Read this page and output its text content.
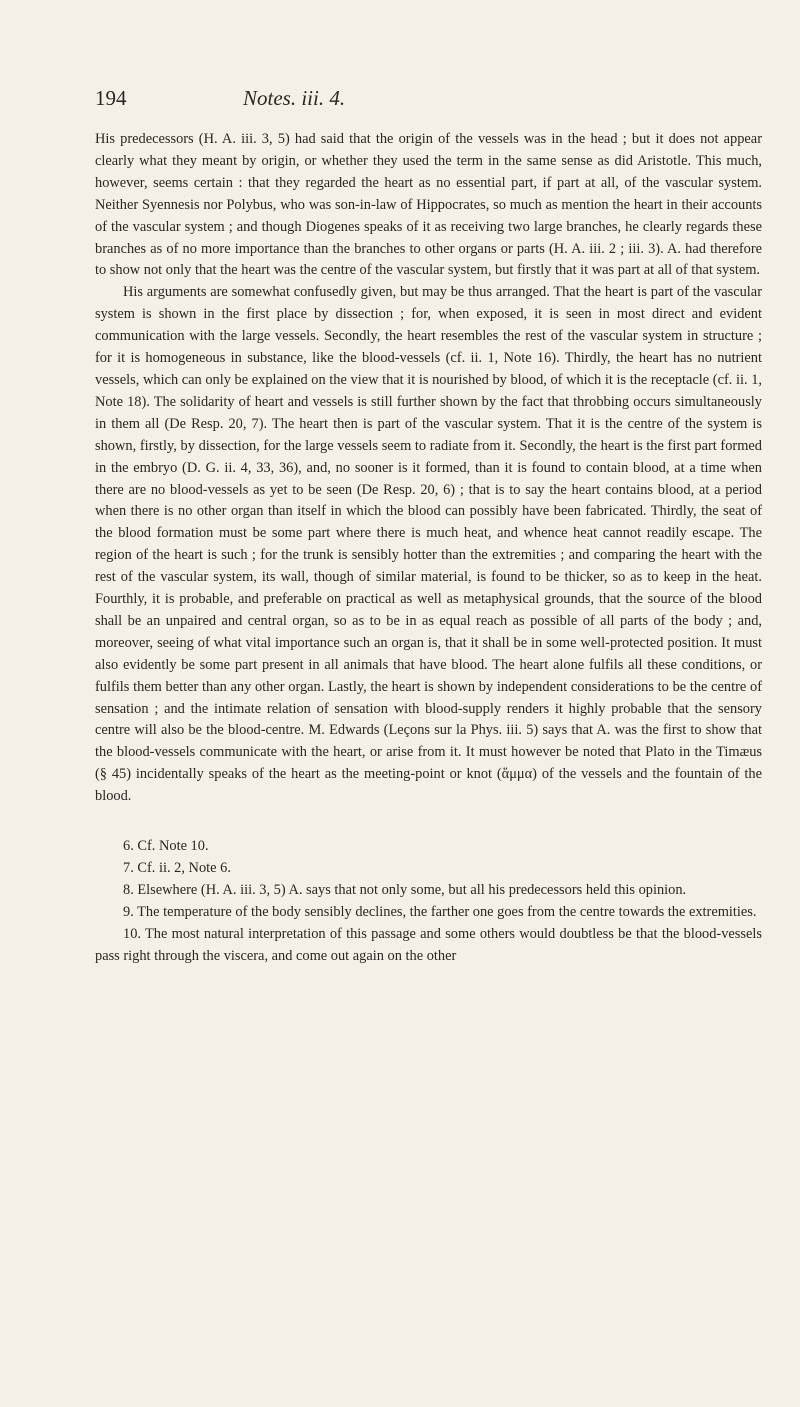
194	Notes. iii. 4.

His predecessors (H. A. iii. 3, 5) had said that the origin of the vessels was in the head ; but it does not appear clearly what they meant by origin, or whether they used the term in the same sense as did Aristotle. This much, however, seems certain : that they regarded the heart as no essential part, if part at all, of the vascular system. Neither Syennesis nor Polybus, who was son-in-law of Hippocrates, so much as mention the heart in their accounts of the vascular system ; and though Diogenes speaks of it as receiving two large branches, he clearly regards these branches as of no more importance than the branches to other organs or parts (H. A. iii. 2 ; iii. 3). A. had therefore to show not only that the heart was the centre of the vascular system, but firstly that it was part at all of that system.

His arguments are somewhat confusedly given, but may be thus arranged. That the heart is part of the vascular system is shown in the first place by dissection ; for, when exposed, it is seen in most direct and evident communication with the large vessels. Secondly, the heart resembles the rest of the vascular system in structure ; for it is homogeneous in substance, like the blood-vessels (cf. ii. 1, Note 16). Thirdly, the heart has no nutrient vessels, which can only be explained on the view that it is nourished by blood, of which it is the receptacle (cf. ii. 1, Note 18). The solidarity of heart and vessels is still further shown by the fact that throbbing occurs simultaneously in them all (De Resp. 20, 7). The heart then is part of the vascular system. That it is the centre of the system is shown, firstly, by dissection, for the large vessels seem to radiate from it. Secondly, the heart is the first part formed in the embryo (D. G. ii. 4, 33, 36), and, no sooner is it formed, than it is found to contain blood, at a time when there are no blood-vessels as yet to be seen (De Resp. 20, 6) ; that is to say the heart contains blood, at a period when there is no other organ than itself in which the blood can possibly have been fabricated. Thirdly, the seat of the blood formation must be some part where there is much heat, and whence heat cannot readily escape. The region of the heart is such ; for the trunk is sensibly hotter than the extremities ; and comparing the heart with the rest of the vascular system, its wall, though of similar material, is found to be thicker, so as to keep in the heat. Fourthly, it is probable, and preferable on practical as well as metaphysical grounds, that the source of the blood shall be an unpaired and central organ, so as to be in as equal reach as possible of all parts of the body ; and, moreover, seeing of what vital importance such an organ is, that it shall be in some well-protected position. It must also evidently be some part present in all animals that have blood. The heart alone fulfils all these conditions, or fulfils them better than any other organ. Lastly, the heart is shown by independent considerations to be the centre of sensation ; and the intimate relation of sensation with blood-supply renders it highly probable that the sensory centre will also be the blood-centre. M. Edwards (Leçons sur la Phys. iii. 5) says that A. was the first to show that the blood-vessels communicate with the heart, or arise from it. It must however be noted that Plato in the Timæus (§ 45) incidentally speaks of the heart as the meeting-point or knot (ἅμμα) of the vessels and the fountain of the blood.

6. Cf. Note 10.

7. Cf. ii. 2, Note 6.

8. Elsewhere (H. A. iii. 3, 5) A. says that not only some, but all his predecessors held this opinion.

9. The temperature of the body sensibly declines, the farther one goes from the centre towards the extremities.

10. The most natural interpretation of this passage and some others would doubtless be that the blood-vessels pass right through the viscera, and come out again on the other
